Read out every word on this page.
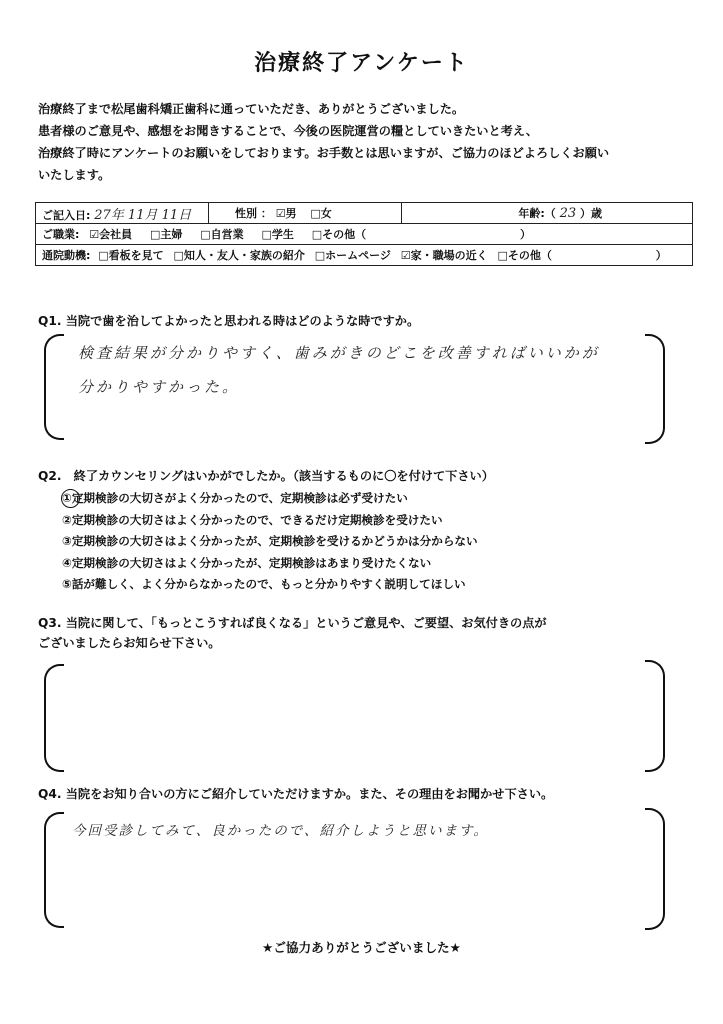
治療終了アンケート
治療終了まで松尾歯科矯正歯科に通っていただき、ありがとうございました。
患者様のご意見や、感想をお聞きすることで、今後の医院運営の糧としていきたいと考え、
治療終了時にアンケートのお願いをしております。お手数とは思いますが、ご協力のほどよろしくお願い
いたします。
ご記入日: 27年 11月 11日	性別 ： ☑男 □女	年齢:（ 23 ）歳
ご職業: ☑会社員 □主婦 □自営業 □学生 □その他（	）
通院動機: □看板を見て □知人・友人・家族の紹介 □ホームページ ☑家・職場の近く □その他（	）
Q1. 当院で歯を治してよかったと思われる時はどのような時ですか。
検査結果が分かりやすく、歯みがきのどこを改善すればいいかが
分かりやすかった。
Q2.　終了カウンセリングはいかがでしたか。（該当するものに〇を付けて下さい）
①定期検診の大切さがよく分かったので、定期検診は必ず受けたい
②定期検診の大切さはよく分かったので、できるだけ定期検診を受けたい
③定期検診の大切さはよく分かったが、定期検診を受けるかどうかは分からない
④定期検診の大切さはよく分かったが、定期検診はあまり受けたくない
⑤話が難しく、よく分からなかったので、もっと分かりやすく説明してほしい
Q3. 当院に関して、「もっとこうすれば良くなる」というご意見や、ご要望、お気付きの点が
ございましたらお知らせ下さい。
Q4. 当院をお知り合いの方にご紹介していただけますか。また、その理由をお聞かせ下さい。
今回受診してみて、良かったので、紹介しようと思います。
★ご協力ありがとうございました★
